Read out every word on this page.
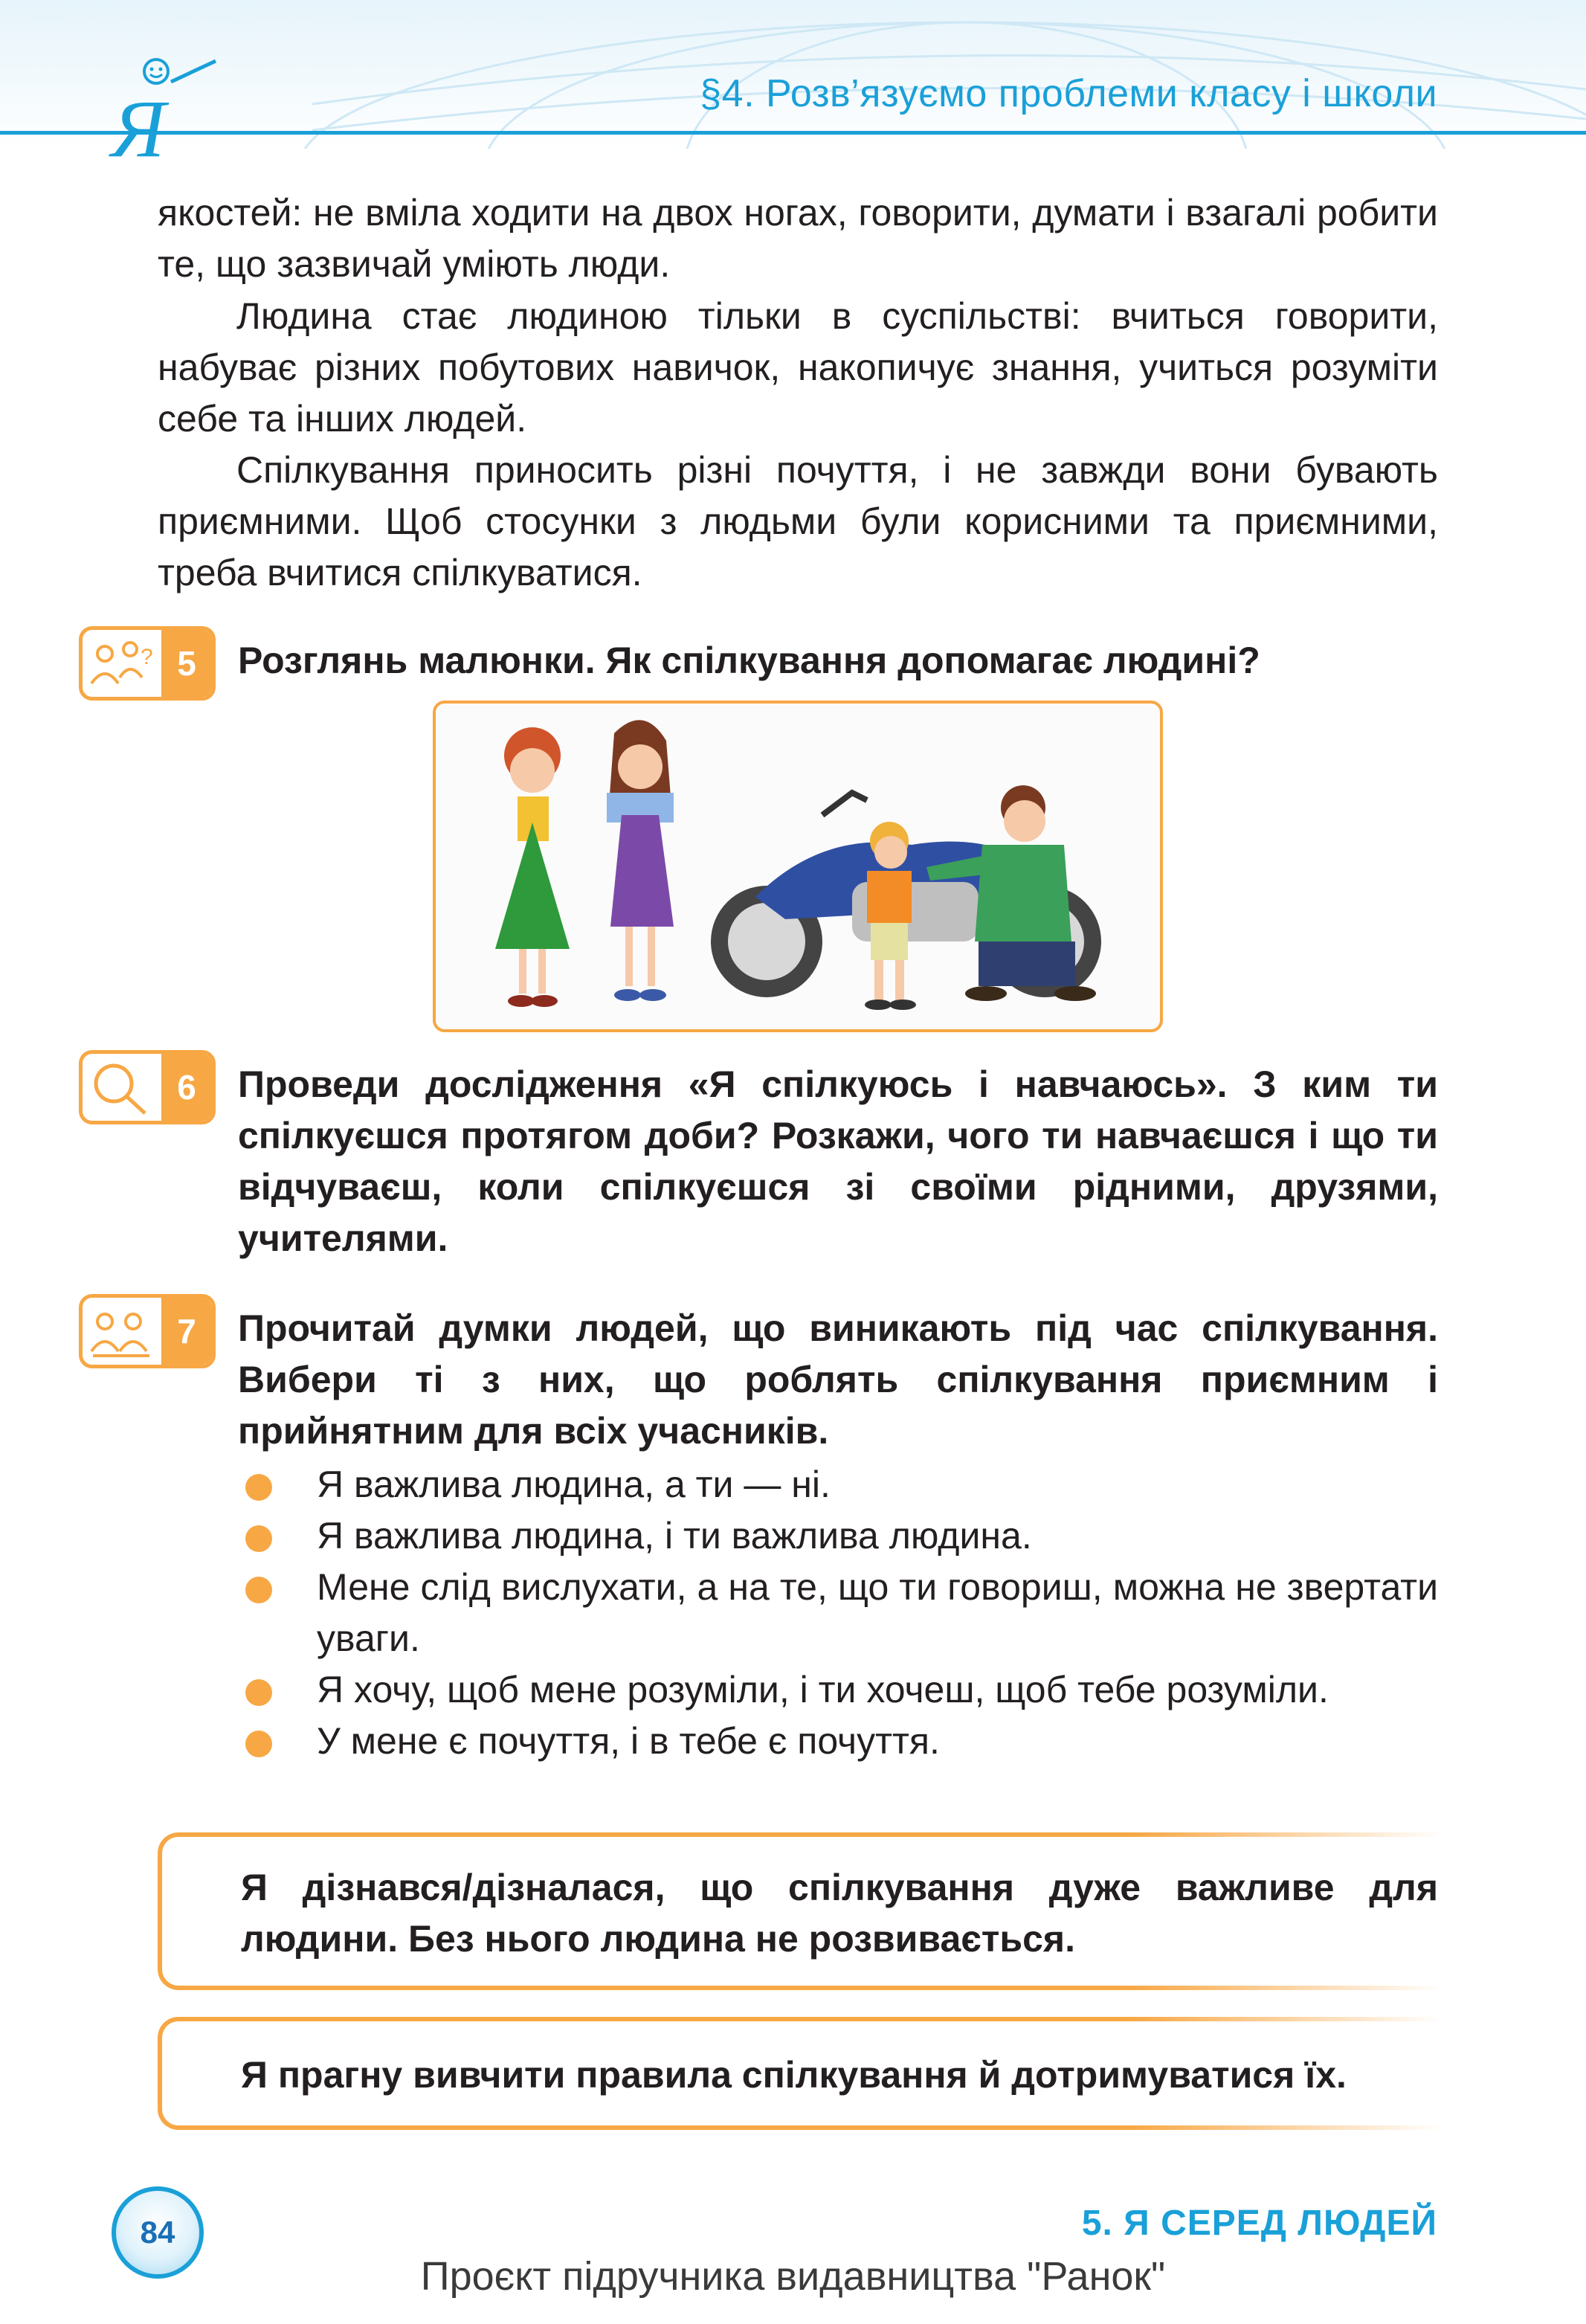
Я	§4. Розв’язуємо проблеми класу і школи
якостей: не вміла ходити на двох ногах, говорити, думати і взагалі робити те, що зазвичай уміють люди.
Людина стає людиною тільки в суспільстві: вчиться говорити, набуває різних побутових навичок, накопичує знання, учиться розуміти себе та інших людей.
Спілкування приносить різні почуття, і не завжди вони бувають приємними. Щоб стосунки з людьми були корисними та приємними, треба вчитися спілкуватися.
? 5	Розглянь малюнки. Як спілкування допомагає людині?
6	Проведи дослідження «Я спілкуюсь і навчаюсь». З ким ти спілкуєшся протягом доби? Розкажи, чого ти навчаєшся і що ти відчуваєш, коли спілкуєшся зі своїми рідними, друзями, учителями.
7	Прочитай думки людей, що виникають під час спілкування. Вибери ті з них, що роблять спілкування приємним і прийнятним для всіх учасників.
Я важлива людина, а ти — ні.
Я важлива людина, і ти важлива людина.
Мене слід вислухати, а на те, що ти говориш, можна не звертати уваги.
Я хочу, щоб мене розуміли, і ти хочеш, щоб тебе розуміли.
У мене є почуття, і в тебе є почуття.
Я дізнався/дізналася, що спілкування дуже важливе для людини. Без нього людина не розвивається.
Я прагну вивчити правила спілкування й дотримуватися їх.
84	5. Я СЕРЕД ЛЮДЕЙ
Проєкт підручника видавництва "Ранок"
